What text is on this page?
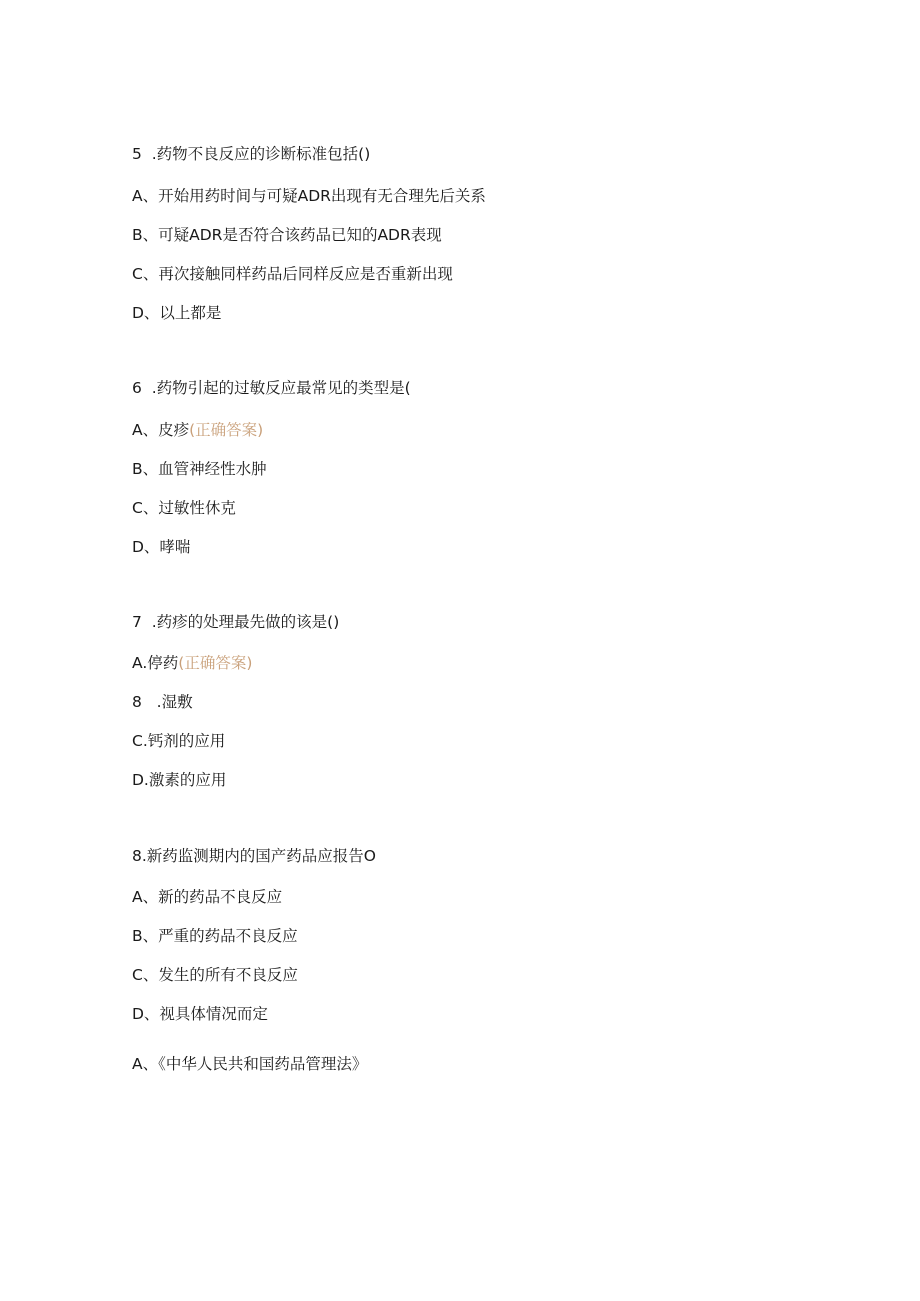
5  .药物不良反应的诊断标准包括()
A、开始用药时间与可疑ADR出现有无合理先后关系
B、可疑ADR是否符合该药品已知的ADR表现
C、再次接触同样药品后同样反应是否重新出现
D、以上都是
6  .药物引起的过敏反应最常见的类型是(
A、皮疹(正确答案)
B、血管神经性水肿
C、过敏性休克
D、哮喘
7  .药疹的处理最先做的该是()
A.停药(正确答案)
8   .湿敷
C.钙剂的应用
D.激素的应用
8.新药监测期内的国产药品应报告O
A、新的药品不良反应
B、严重的药品不良反应
C、发生的所有不良反应
D、视具体情况而定
A、《中华人民共和国药品管理法》
